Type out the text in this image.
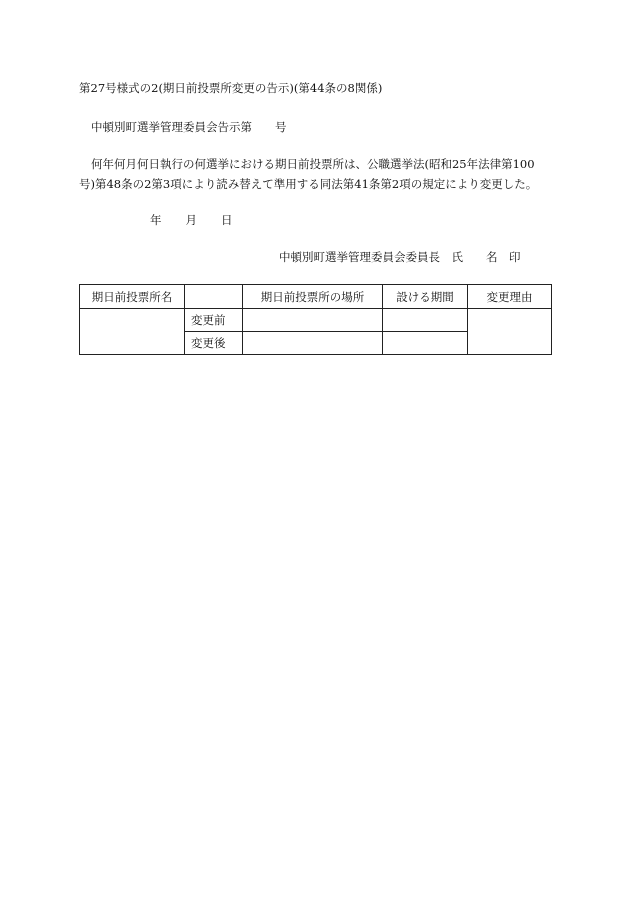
第27号様式の2(期日前投票所変更の告示)(第44条の8関係)
中頓別町選挙管理委員会告示第　　号
何年何月何日執行の何選挙における期日前投票所は、公職選挙法(昭和25年法律第100
号)第48条の2第3項により読み替えて準用する同法第41条第2項の規定により変更した。
年 月 日
中頓別町選挙管理委員会委員長　氏　　名　印
期日前投票所名		期日前投票所の場所	設ける期間	変更理由
	変更前			
	変更後			
